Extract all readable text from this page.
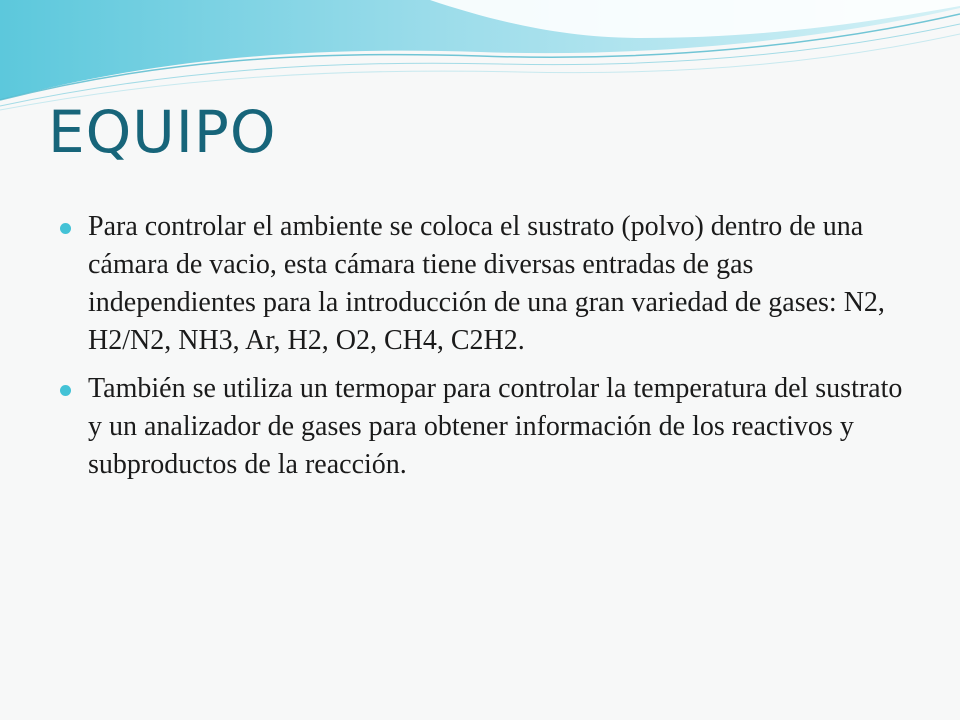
EQUIPO
Para controlar el ambiente se coloca el sustrato (polvo) dentro de una cámara de vacio, esta cámara tiene diversas entradas de gas independientes para la introducción de una gran variedad de gases: N2, H2/N2, NH3, Ar, H2, O2, CH4, C2H2.
También se utiliza un termopar para controlar la temperatura del sustrato y un analizador de gases para obtener información de los reactivos y subproductos de la reacción.
